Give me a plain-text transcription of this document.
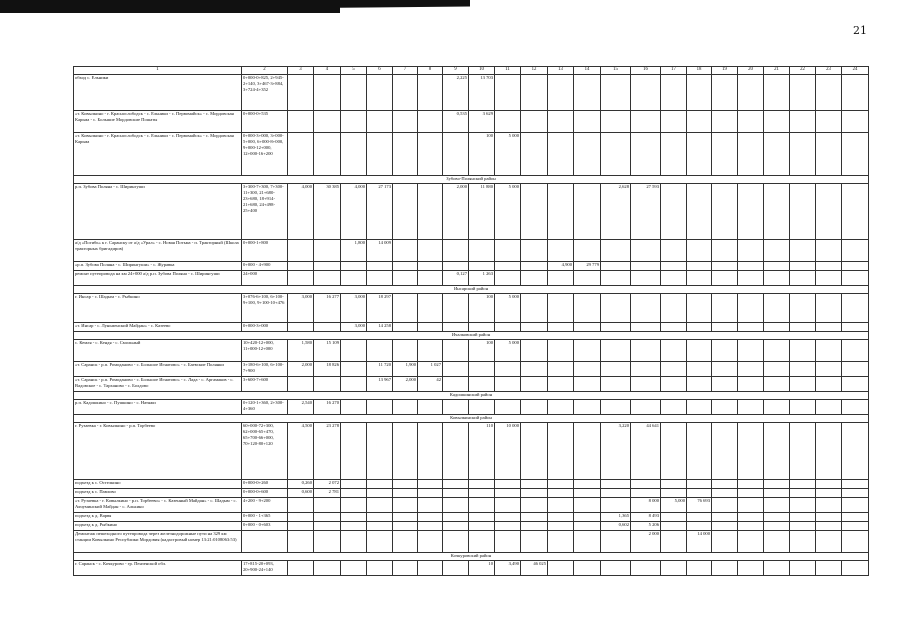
21
1	2	3	4	5	6	7	8	9	10	11	12	13	14	15	16	17	18	19	20	21	22	23	24
обход с. Ельники	0+000-0+825, 2+945-2+140, 3+467-3+884, 3+724-4+352							2,225	13 703														
«т. Ковылкино - г. Краснослободск - с. Ельники - с. Первомайск» - с. Мордовская Карьма - с. Большие Мордовские Пошаты	0+000-0+535							0,535	3 629														
«т. Ковылкино - г. Краснослободск - с. Ельники - с. Первомайск» - с. Мордовская Карьма	0+000-3+000, 3+000-5+000, 6+000-8+000, 9+000-12+000, 12+000-16+200								100	5 000													
Зубово-Полянский район																							
р.п. Зубова Поляна - с. Ширингуши	3+300-7+300, 7+300-11+300, 21+680-23+680, 18+914-21+680, 24+498-25+400	4,000	30 385	4,000	27 173			2,000	11 880	5 000				2,628	27 593								
а/д «Погибь» к г. Саранску от а/д «Урал» - с. Новая Потьма - п. Тракторный (Школа тракторных бригадиров)	0+000-1+800			1,800	14 009																		
«р.п. Зубова Поляна - с. Ширингуши» - с. Журавка	0+000 - 4+900											4,900	29 779										
ремонт путепровода на км 24+000 а/д р.п. Зубова Поляна - с. Ширингуши	24+000							0,127	1 263														
Инсарский район																							
г. Инсар - с. Шадым - с. Рыбкино	3+076-6+100, 6+100-9+100, 9+100-10+476	3,000	16 277	3,000	18 297				100	5 000													
«т. Инсар - с. Луньменский Майдан» - с. Казеево	0+000-3+000			3,000	14 258																		
Ичалковский район																							
с. Кемля - с. Кендя - с. Смольный	10+420-12+000, 11+000-12+000	1,580	15 109						100	5 000													
«т. Саранск - р.п. Ромоданово - с. Большое Игнатово» - с. Баевские Полянки	3+180-6+100, 6+100-7+900	2,000	18 826		11 720	1,900	1 027																
«т. Саранск - р.п. Ромоданово - с. Большое Игнатово» - с. Лада - с. Аргамаков - с. Вадовское - с. Тарханово - с. Болдово	3+600-7+600				13 967	2,000	42																
Кадошкинский район																							
р.п. Кадошкино - с. Пушкино - с. Натяжи	0+120-1+360, 2+300-4+360	2,540	16 270																				
Ковылкинский район																							
г. Рузаевка - г. Ковылкино - р.п. Торбеево	60+000-72+300, 62+000-65+470, 65+700-66+000, 70+120-80+120	4,500	23 278						110	10 000				3,220	44 641								
подъезд к с. Остелкино	0+000-0+260	0,260	2 072																				
подъезд к с. Павлово	0+000-0+600	0,600	2 781																				
«т. Рузаевка - г. Ковылкино - р.п. Торбеево» - с. Казенный Майдан» - с. Шадым - с. Акчуминский Майдан - с. Алькино	4+200 - 9+200														8 000	5,000	76 693						
подъезд к д. Варвя	0+000 - 1+365													1,365	8 493								
подъезд к д. Рыбкино	0+000 - 0+603													0,602	5 206								
Демонтаж пешеходного путепровода через железнодорожные пути на 329 км станции Ковылкино Республики Мордовия (кадастровый номер 13:21:0108063:53)															2 000		14 000						
Кочкуровский район																							
г. Саранск - с. Кочкурово - гр. Пензенской обл.	17+815-20+093, 20+900-24+140								10	3,490	46 025												
